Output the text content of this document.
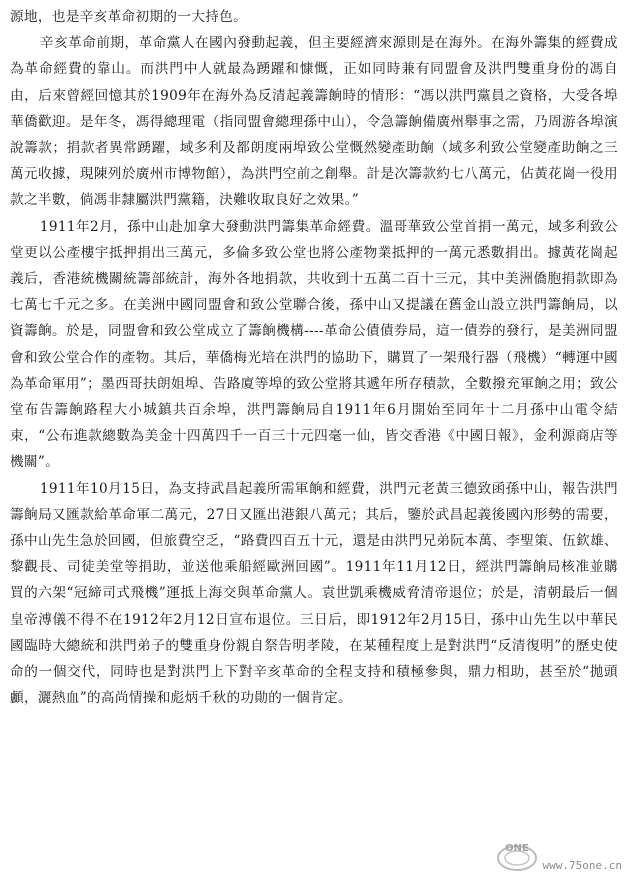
源地，也是辛亥革命初期的一大持色。

辛亥革命前期，革命黨人在國內發動起義，但主要經濟來源則是在海外。在海外籌集的經費成為革命經費的靠山。而洪門中人就最為踴躍和慷慨，正如同時兼有同盟會及洪門雙重身份的馮自由，后來曾經回憶其於1909年在海外為反清起義籌餉時的情形：“馮以洪門黨員之資格，大受各埠華僑歡迎。是年冬，馮得總理電（指同盟會總理孫中山），令急籌餉備廣州舉事之需，乃周游各埠演說籌款；捐款者異常踴躍，域多利及都朗度兩埠致公堂慨然變產助餉（域多利致公堂變產助餉之三萬元收據，現陳列於廣州市博物館），為洪門空前之創舉。計是次籌款約七八萬元，佔黃花崗一役用款之半數，倘馮非隸屬洪門黨籍，決難收取良好之效果。”

1911年2月，孫中山赴加拿大發動洪門籌集革命經費。溫哥華致公堂首捐一萬元，域多利致公堂更以公產樓宇抵押捐出三萬元，多倫多致公堂也將公產物業抵押的一萬元悉數捐出。據黃花崗起義后，香港統機關統籌部統計，海外各地捐款，共收到十五萬二百十三元，其中美洲僑胞捐款即為七萬七千元之多。在美洲中國同盟會和致公堂聯合後，孫中山又提議在舊金山設立洪門籌餉局，以資籌餉。於是，同盟會和致公堂成立了籌餉機構----革命公債債券局，這一債券的發行，是美洲同盟會和致公堂合作的產物。其后，華僑梅光培在洪門的協助下，購買了一架飛行器（飛機）“轉運中國為革命軍用”；墨西哥扶朗姐埠、告路廈等埠的致公堂將其遞年所存積款，全數撥充軍餉之用；致公堂布告籌餉路程大小城鎮共百余埠，洪門籌餉局自1911年6月開始至同年十二月孫中山電令結束，“公布進款總數為美金十四萬四千一百三十元四毫一仙，皆交香港《中國日報》，金利源商店等機關”。

1911年10月15日，為支持武昌起義所需軍餉和經費，洪門元老黃三德致函孫中山，報告洪門籌餉局又匯款給革命軍二萬元，27日又匯出港銀八萬元；其后，鑒於武昌起義後國內形勢的需要，孫中山先生急於回國，但旅費空乏，“路費四百五十元，還是由洪門兄弟阮本萬、李聖策、伍欽雄、黎觀長、司徒美堂等捐助，並送他乘船經歐洲回國”。1911年11月12日，經洪門籌餉局核准並購買的六架“冠締司式飛機”運抵上海交與革命黨人。袁世凱乘機威脅清帝退位；於是，清朝最后一個皇帝溥儀不得不在1912年2月12日宣布退位。三日后，即1912年2月15日，孫中山先生以中華民國臨時大總統和洪門弟子的雙重身份親自祭告明孝陵，在某種程度上是對洪門“反清復明”的歷史使命的一個交代，同時也是對洪門上下對辛亥革命的全程支持和積極參與，鼎力相助，甚至於“拋頭顱，灑熱血”的高尚情操和彪炳千秋的功勛的一個肯定。

ONE
www.75one.cn
